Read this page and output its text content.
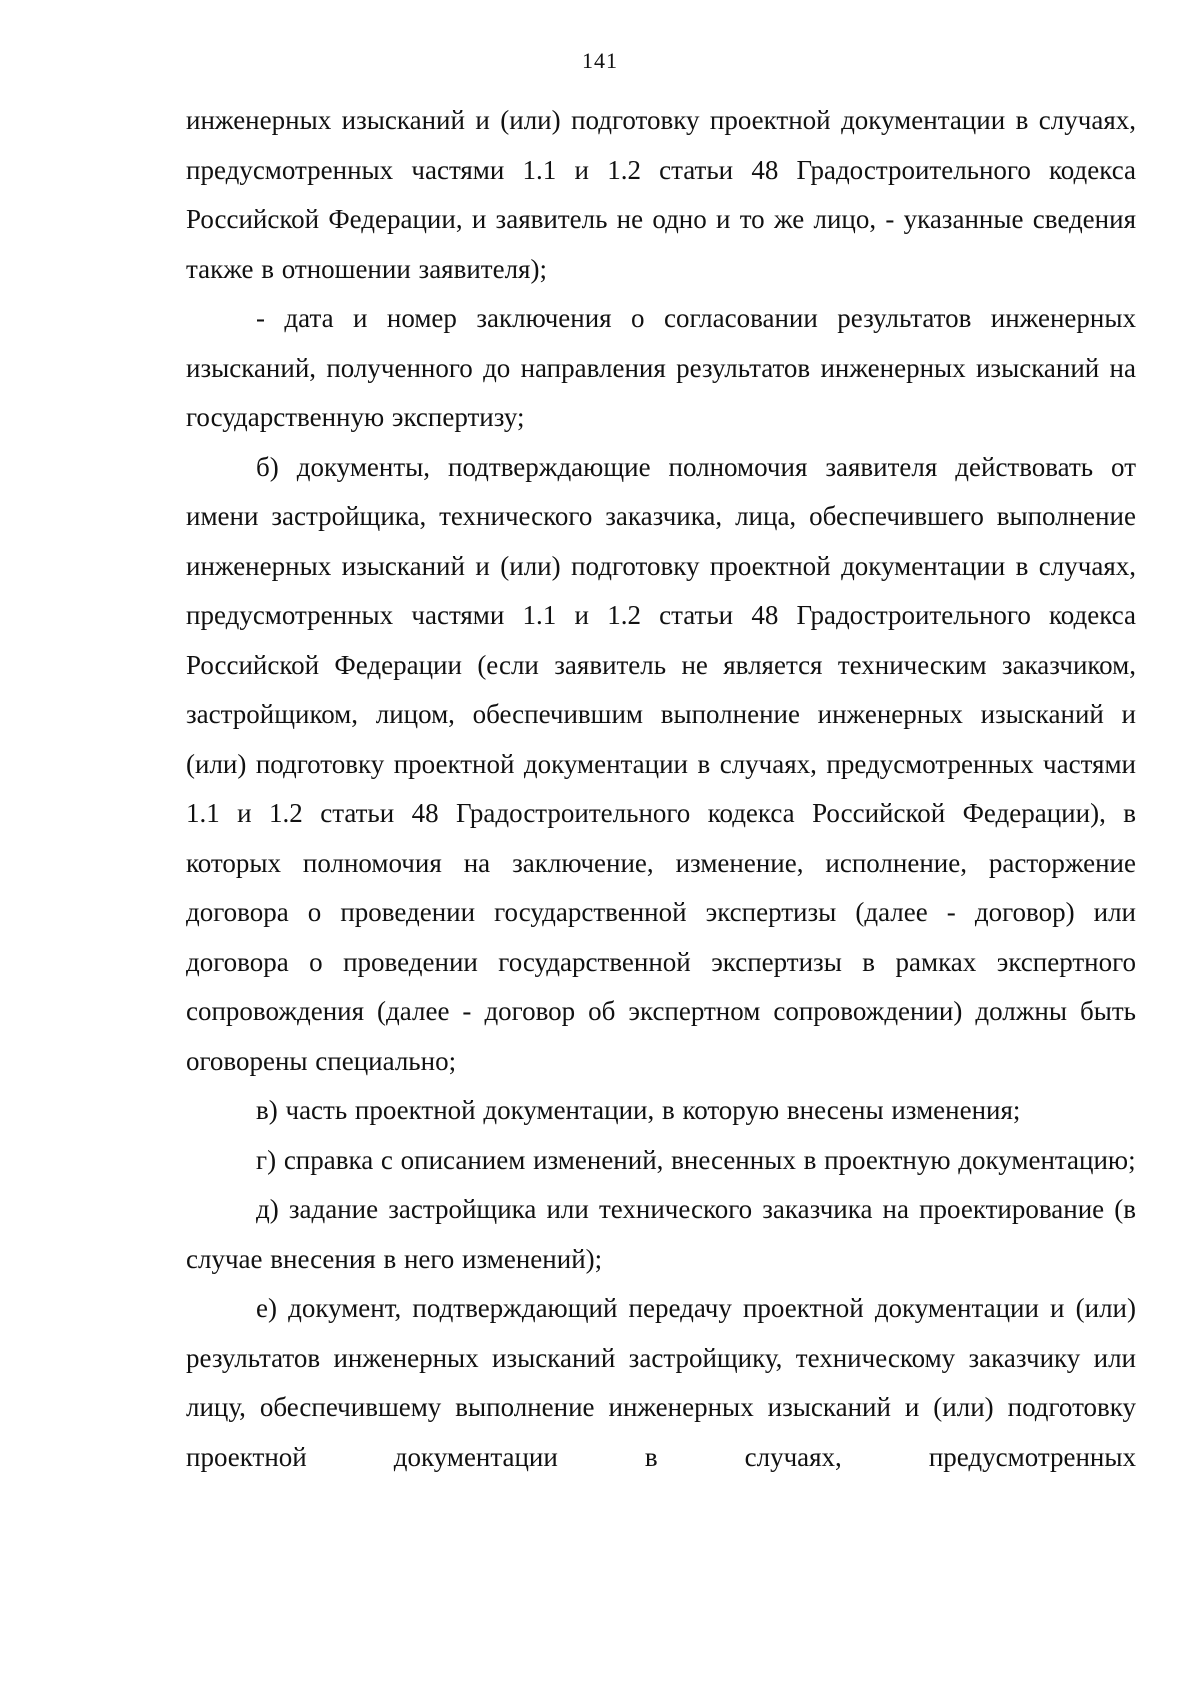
141

инженерных изысканий и (или) подготовку проектной документации в случаях, предусмотренных частями 1.1 и 1.2 статьи 48 Градостроительного кодекса Российской Федерации, и заявитель не одно и то же лицо, - указанные сведения также в отношении заявителя);

- дата и номер заключения о согласовании результатов инженерных изысканий, полученного до направления результатов инженерных изысканий на государственную экспертизу;

б) документы, подтверждающие полномочия заявителя действовать от имени застройщика, технического заказчика, лица, обеспечившего выполнение инженерных изысканий и (или) подготовку проектной документации в случаях, предусмотренных частями 1.1 и 1.2 статьи 48 Градостроительного кодекса Российской Федерации (если заявитель не является техническим заказчиком, застройщиком, лицом, обеспечившим выполнение инженерных изысканий и (или) подготовку проектной документации в случаях, предусмотренных частями 1.1 и 1.2 статьи 48 Градостроительного кодекса Российской Федерации), в которых полномочия на заключение, изменение, исполнение, расторжение договора о проведении государственной экспертизы (далее - договор) или договора о проведении государственной экспертизы в рамках экспертного сопровождения (далее - договор об экспертном сопровождении) должны быть оговорены специально;

в) часть проектной документации, в которую внесены изменения;

г) справка с описанием изменений, внесенных в проектную документацию;

д) задание застройщика или технического заказчика на проектирование (в случае внесения в него изменений);

е) документ, подтверждающий передачу проектной документации и (или) результатов инженерных изысканий застройщику, техническому заказчику или лицу, обеспечившему выполнение инженерных изысканий и (или) подготовку проектной документации в случаях, предусмотренных
